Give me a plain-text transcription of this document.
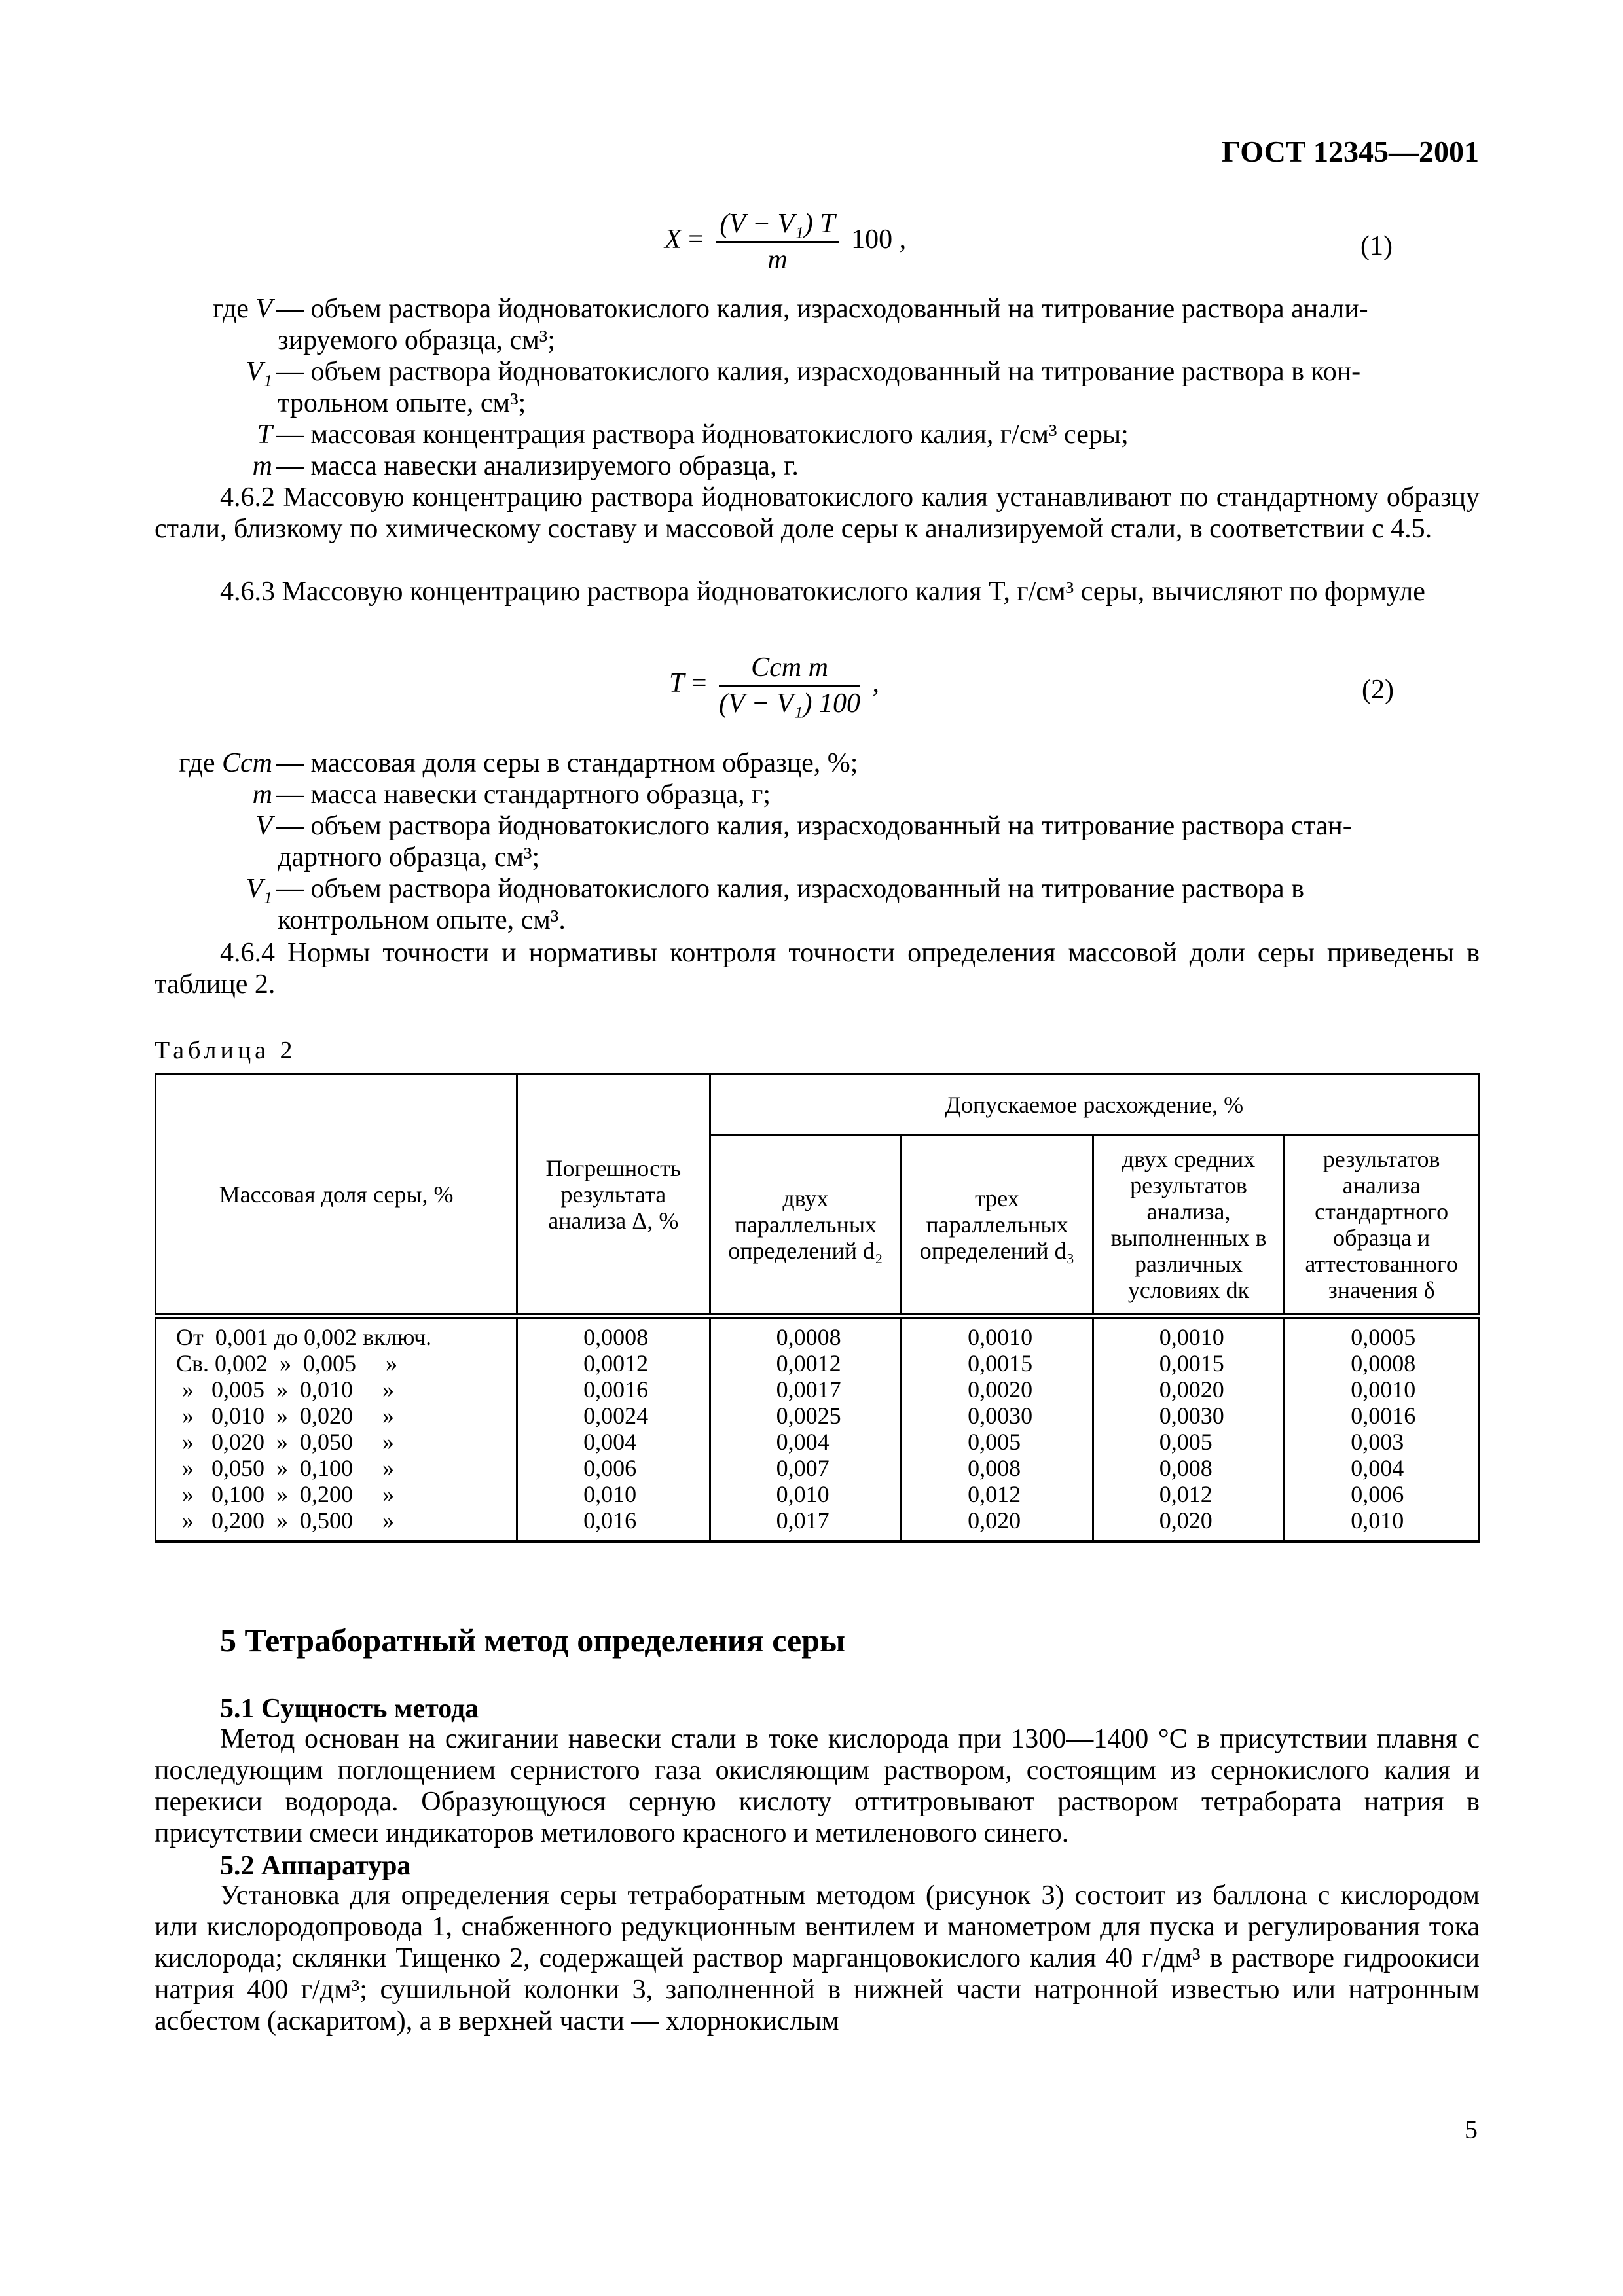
ГОСТ 12345—2001
$X = \frac{\text{(V − V₁) T}}{m} 100$ ,	(1)
где V — объем раствора йодноватокислого калия, израсходованный на титрование раствора анали-
зируемого образца, см³;
V₁ — объем раствора йодноватокислого калия, израсходованный на титрование раствора в кон-
трольном опыте, см³;
T — массовая концентрация раствора йодноватокислого калия, г/см³ серы;
m — масса навески анализируемого образца, г.
4.6.2 Массовую концентрацию раствора йодноватокислого калия устанавливают по стандартному образцу стали, близкому по химическому составу и массовой доле серы к анализируемой стали, в соответствии с 4.5.
4.6.3 Массовую концентрацию раствора йодноватокислого калия T, г/см³ серы, вычисляют по формуле
$T = \frac{\text{Cст m}}{\text{(V − V₁) 100}}$ ,	(2)
где Cст — массовая доля серы в стандартном образце, %;
m — масса навески стандартного образца, г;
V — объем раствора йодноватокислого калия, израсходованный на титрование раствора стан-
дартного образца, см³;
V₁ — объем раствора йодноватокислого калия, израсходованный на титрование раствора в
контрольном опыте, см³.
4.6.4 Нормы точности и нормативы контроля точности определения массовой доли серы приведены в таблице 2.
Таблица 2
Массовая доля серы, %	Погрешность результата анализа Δ, %	Допускаемое расхождение, %			
		двух параллельных определений d₂	трех параллельных определений d₃	двух средних результатов анализа, выполненных в различных условиях dк	результатов анализа стандартного образца и аттестованного значения δ
От  0,001 до 0,002 включ.	0,0008	0,0008	0,0010	0,0010	0,0005
Св. 0,002  »  0,005     »	0,0012	0,0012	0,0015	0,0015	0,0008
»   0,005  »  0,010     »	0,0016	0,0017	0,0020	0,0020	0,0010
»   0,010  »  0,020     »	0,0024	0,0025	0,0030	0,0030	0,0016
»   0,020  »  0,050     »	0,004	0,004	0,005	0,005	0,003
»   0,050  »  0,100     »	0,006	0,007	0,008	0,008	0,004
»   0,100  »  0,200     »	0,010	0,010	0,012	0,012	0,006
»   0,200  »  0,500     »	0,016	0,017	0,020	0,020	0,010
5 Тетраборатный метод определения серы
5.1 Сущность метода
Метод основан на сжигании навески стали в токе кислорода при 1300—1400 °С в присутствии плавня с последующим поглощением сернистого газа окисляющим раствором, состоящим из сернокислого калия и перекиси водорода. Образующуюся серную кислоту оттитровывают раствором тетрабората натрия в присутствии смеси индикаторов метилового красного и метиленового синего.
5.2 Аппаратура
Установка для определения серы тетраборатным методом (рисунок 3) состоит из баллона с кислородом или кислородопровода 1, снабженного редукционным вентилем и манометром для пуска и регулирования тока кислорода; склянки Тищенко 2, содержащей раствор марганцовокислого калия 40 г/дм³ в растворе гидроокиси натрия 400 г/дм³; сушильной колонки 3, заполненной в нижней части натронной известью или натронным асбестом (аскаритом), а в верхней части — хлорнокислым
5
